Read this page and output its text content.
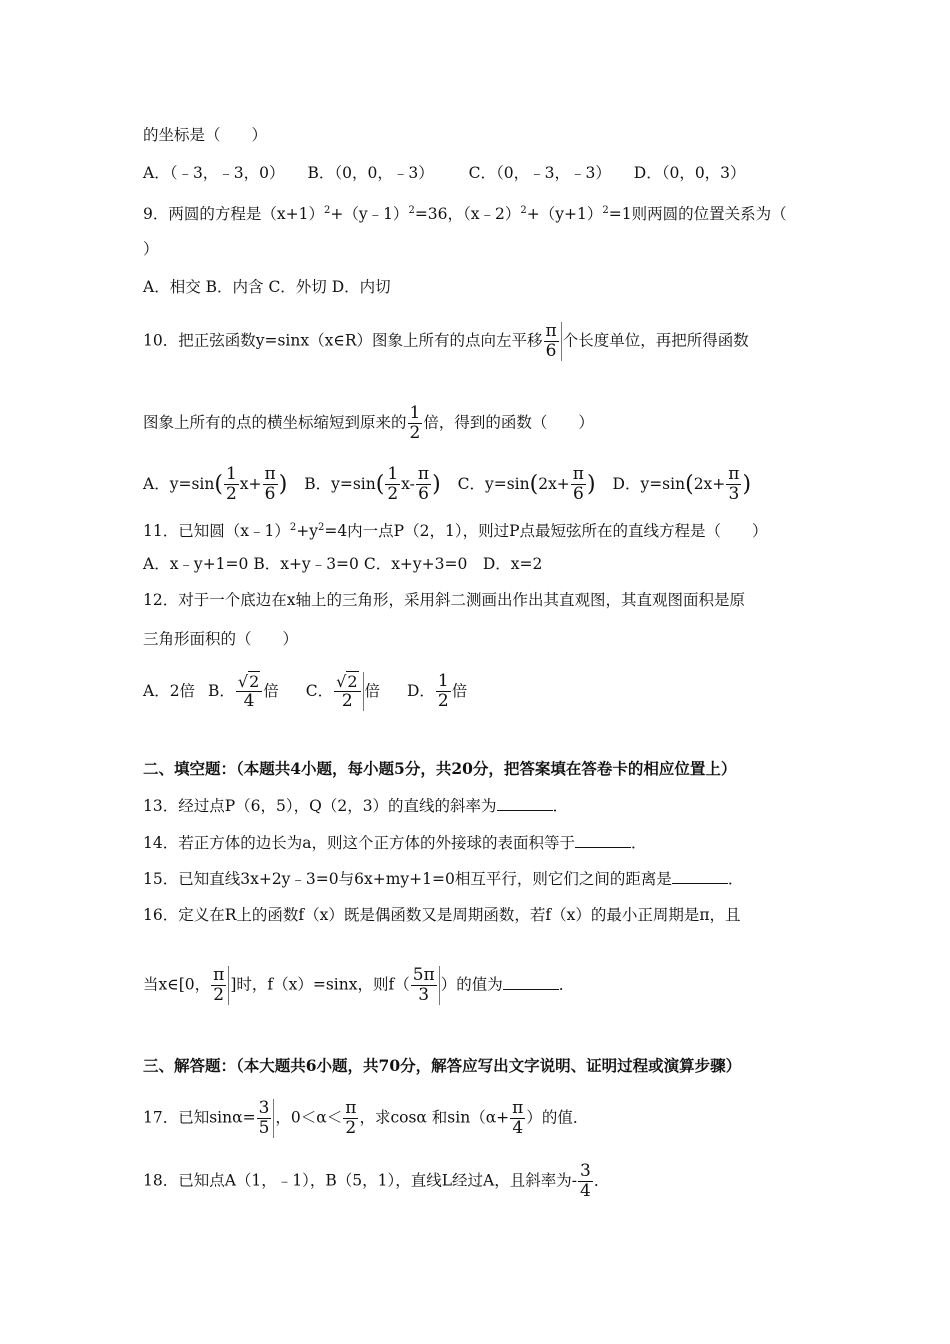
的坐标是（　　）
A．（﹣3，﹣3，0） B．（0，0，﹣3） C．（0，﹣3，﹣3） D．（0，0，3）
9．两圆的方程是$(x+1)^2+(y﹣1)^2=36$，$(x﹣2)^2+(y+1)^2=1$则两圆的位置关系为（
）
A．相交 B．内含 C．外切 D．内切
10．把正弦函数y=sinx（x∈R）图象上所有的点向左平移 $\frac{\pi}{6}$ 个长度单位，再把所得函数
图象上所有的点的横坐标缩短到原来的 $\frac{1}{2}$ 倍，得到的函数（　　）
A．$y=\sin( \frac{1}{2} x+ \frac{\pi}{6}$ ) B．$y=\sin( \frac{1}{2} x- \frac{\pi}{6}$ ) C．$y=\sin(2x+ \frac{\pi}{6}$ ) D．$y=\sin(2x+ \frac{\pi}{3}$ )
11．已知圆$(x﹣1)^2+y^2=4$内一点P（2，1），则过P点最短弦所在的直线方程是（　　）
A．x﹣y+1=0 B．x+y﹣3=0 C．x+y+3=0　D．x=2
12．对于一个底边在x轴上的三角形，采用斜二测画出作出其直观图，其直观图面积是原
三角形面积的（　　）
A．2倍 B． $\frac{√2}{4}$ 倍 C． $\frac{√2}{2}$ 倍 D． $\frac{1}{2}$ 倍
二、填空题：（本题共4小题，每小题5分，共20分，把答案填在答卷卡的相应位置上）
13．经过点P（6，5），Q（2，3）的直线的斜率为	．
14．若正方体的边长为a，则这个正方体的外接球的表面积等于	．
15．已知直线3x+2y﹣3=0与6x+my+1=0相互平行，则它们之间的距离是	．
16．定义在R上的函数f（x）既是偶函数又是周期函数，若f（x）的最小正周期是π，且
当x∈[0， $\frac{\pi}{2}$ ]时，f（x）=sinx，则$f( \frac{5\pi}{3}$ ）的值为	．
三、解答题：（本大题共6小题，共70分，解答应写出文字说明、证明过程或演算步骤）
17．已知$\sin\alpha= \frac{3}{5}$ ，$0<\alpha< \frac{\pi}{2}$ ，求cosα 和$\sin(\alpha+ \frac{\pi}{4}$ ）的值．
18．已知点A（1，﹣1），B（5，1），直线L经过A，且斜率为- $\frac{3}{4}$ ．
